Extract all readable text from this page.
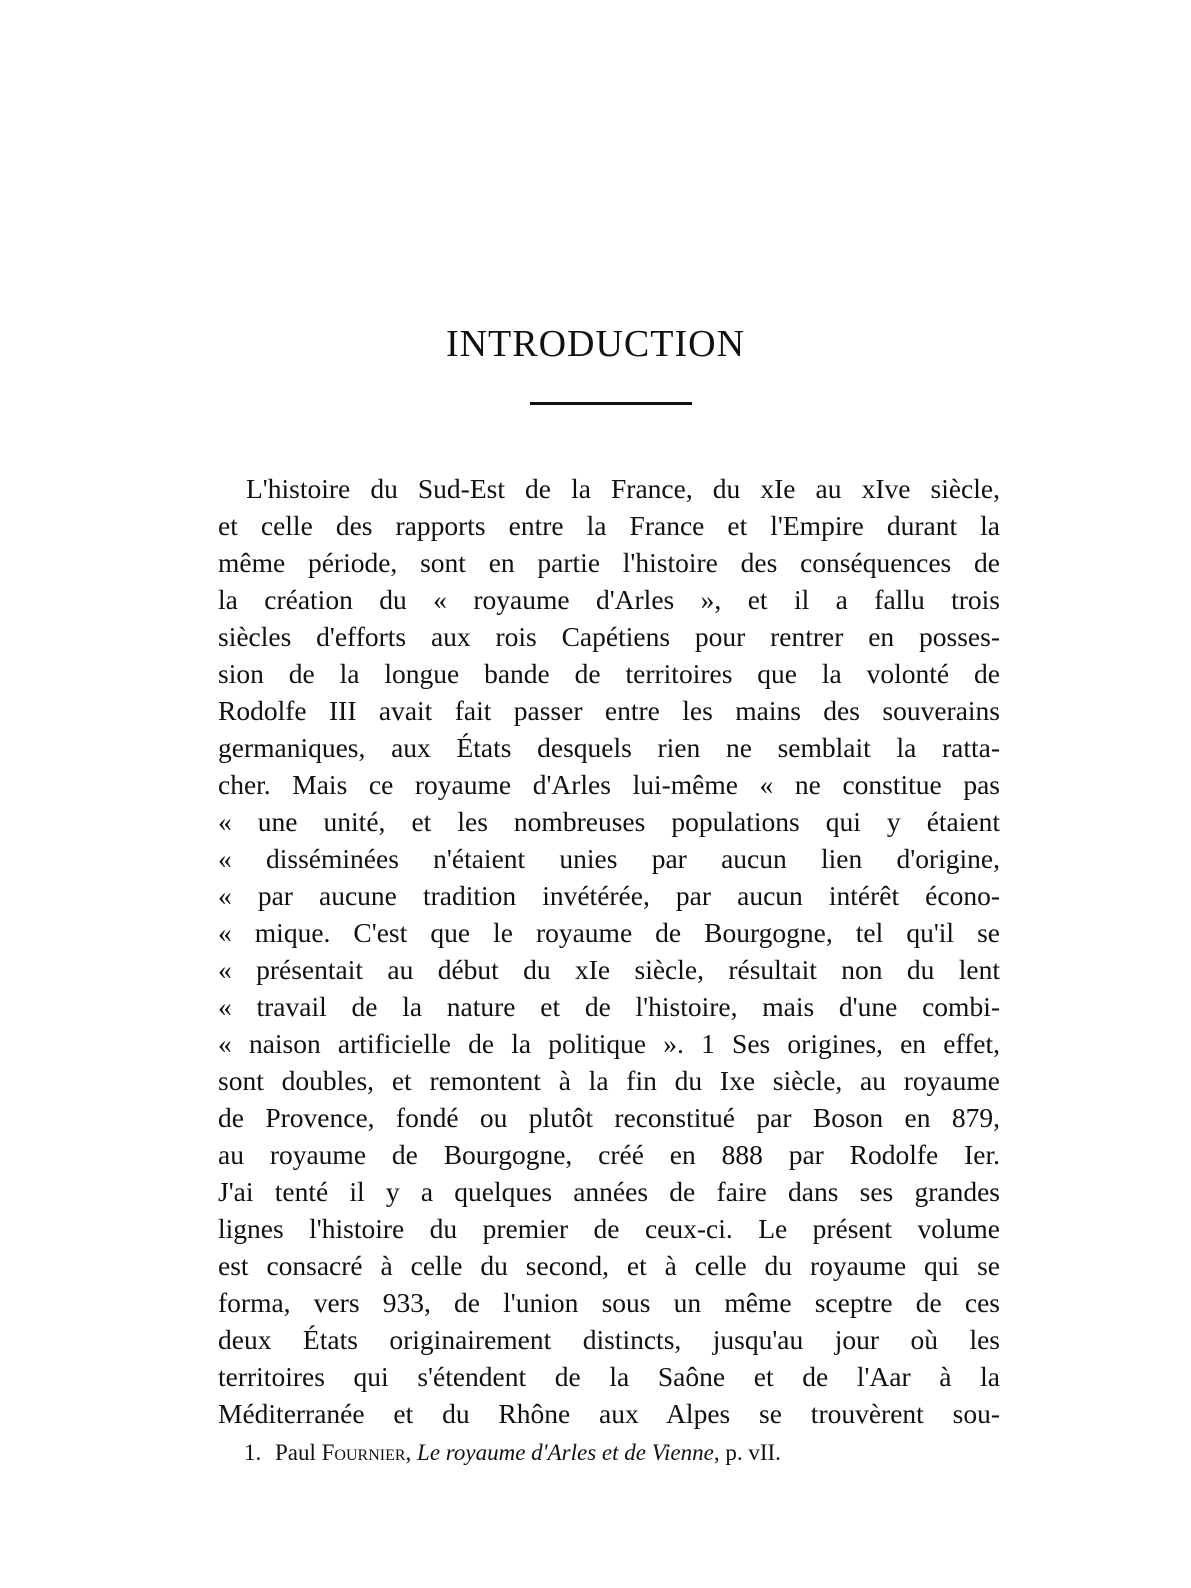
INTRODUCTION
L'histoire du Sud-Est de la France, du xIe au xIve siècle,
et celle des rapports entre la France et l'Empire durant la
même période, sont en partie l'histoire des conséquences de
la création du « royaume d'Arles », et il a fallu trois
siècles d'efforts aux rois Capétiens pour rentrer en posses-
sion de la longue bande de territoires que la volonté de
Rodolfe III avait fait passer entre les mains des souverains
germaniques, aux États desquels rien ne semblait la ratta-
cher. Mais ce royaume d'Arles lui-même « ne constitue pas
« une unité, et les nombreuses populations qui y étaient
« disséminées n'étaient unies par aucun lien d'origine,
« par aucune tradition invétérée, par aucun intérêt écono-
« mique. C'est que le royaume de Bourgogne, tel qu'il se
« présentait au début du xIe siècle, résultait non du lent
« travail de la nature et de l'histoire, mais d'une combi-
« naison artificielle de la politique ». 1 Ses origines, en effet,
sont doubles, et remontent à la fin du Ixe siècle, au royaume
de Provence, fondé ou plutôt reconstitué par Boson en 879,
au royaume de Bourgogne, créé en 888 par Rodolfe Ier.
J'ai tenté il y a quelques années de faire dans ses grandes
lignes l'histoire du premier de ceux-ci. Le présent volume
est consacré à celle du second, et à celle du royaume qui se
forma, vers 933, de l'union sous un même sceptre de ces
deux États originairement distincts, jusqu'au jour où les
territoires qui s'étendent de la Saône et de l'Aar à la
Méditerranée et du Rhône aux Alpes se trouvèrent sou-
1. Paul Fournier, Le royaume d'Arles et de Vienne, p. vII.
